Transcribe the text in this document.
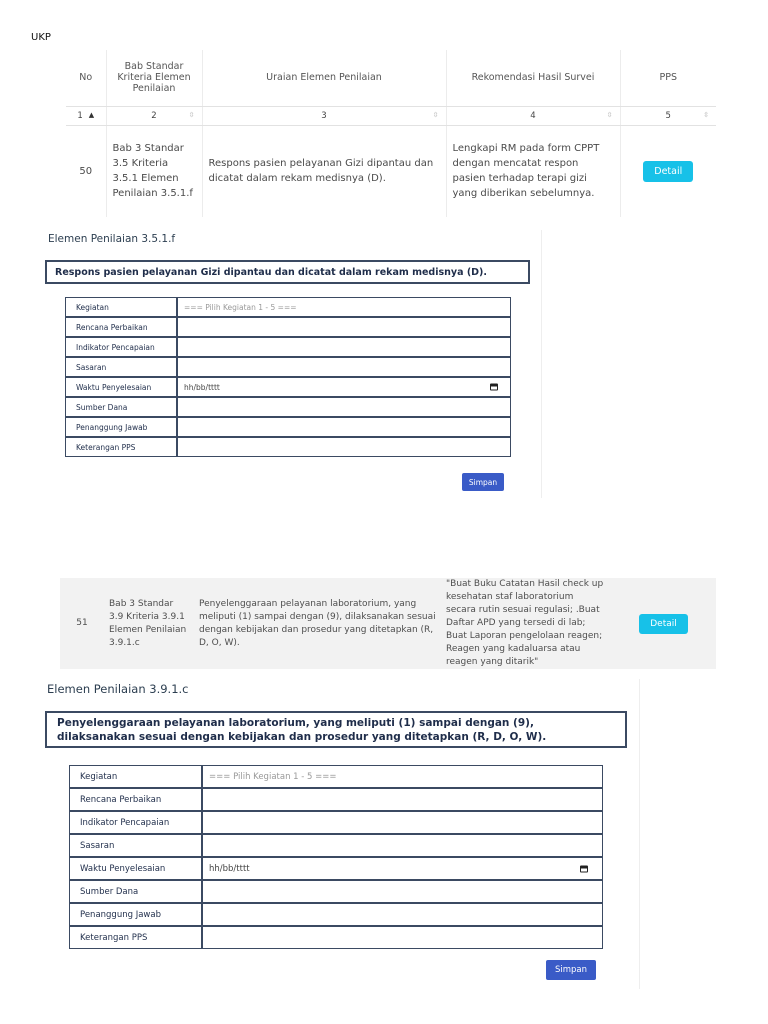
UKP
No	Bab Standar Kriteria Elemen Penilaian	Uraian Elemen Penilaian	Rekomendasi Hasil Survei	PPS
1 ▲	2 ⇳	3 ⇳	4 ⇳	5 ⇳

50	Bab 3 Standar 3.5 Kriteria 3.5.1 Elemen Penilaian 3.5.1.f	Respons pasien pelayanan Gizi dipantau dan dicatat dalam rekam medisnya (D).	Lengkapi RM pada form CPPT dengan mencatat respon pasien terhadap terapi gizi yang diberikan sebelumnya.	Detail
Elemen Penilaian 3.5.1.f
Respons pasien pelayanan Gizi dipantau dan dicatat dalam rekam medisnya (D).
Kegiatan	=== Pilih Kegiatan 1 - 5 ===
Rencana Perbaikan	
Indikator Pencapaian	
Sasaran	
Waktu Penyelesaian	hh/bb/tttt

Sumber Dana	
Penanggung Jawab	
Keterangan PPS	
Simpan
51	Bab 3 Standar 3.9 Kriteria 3.9.1 Elemen Penilaian 3.9.1.c	Penyelenggaraan pelayanan laboratorium, yang meliputi (1) sampai dengan (9), dilaksanakan sesuai dengan kebijakan dan prosedur yang ditetapkan (R, D, O, W).	"Buat Buku Catatan Hasil check up kesehatan staf laboratorium secara rutin sesuai regulasi; .Buat Daftar APD yang tersedi di lab; Buat Laporan pengelolaan reagen; Reagen yang kadaluarsa atau reagen yang ditarik"	Detail
Elemen Penilaian 3.9.1.c
Penyelenggaraan pelayanan laboratorium, yang meliputi (1) sampai dengan (9), dilaksanakan sesuai dengan kebijakan dan prosedur yang ditetapkan (R, D, O, W).
Kegiatan	=== Pilih Kegiatan 1 - 5 ===
Rencana Perbaikan	
Indikator Pencapaian	
Sasaran	
Waktu Penyelesaian	hh/bb/tttt

Sumber Dana	
Penanggung Jawab	
Keterangan PPS	
Simpan
